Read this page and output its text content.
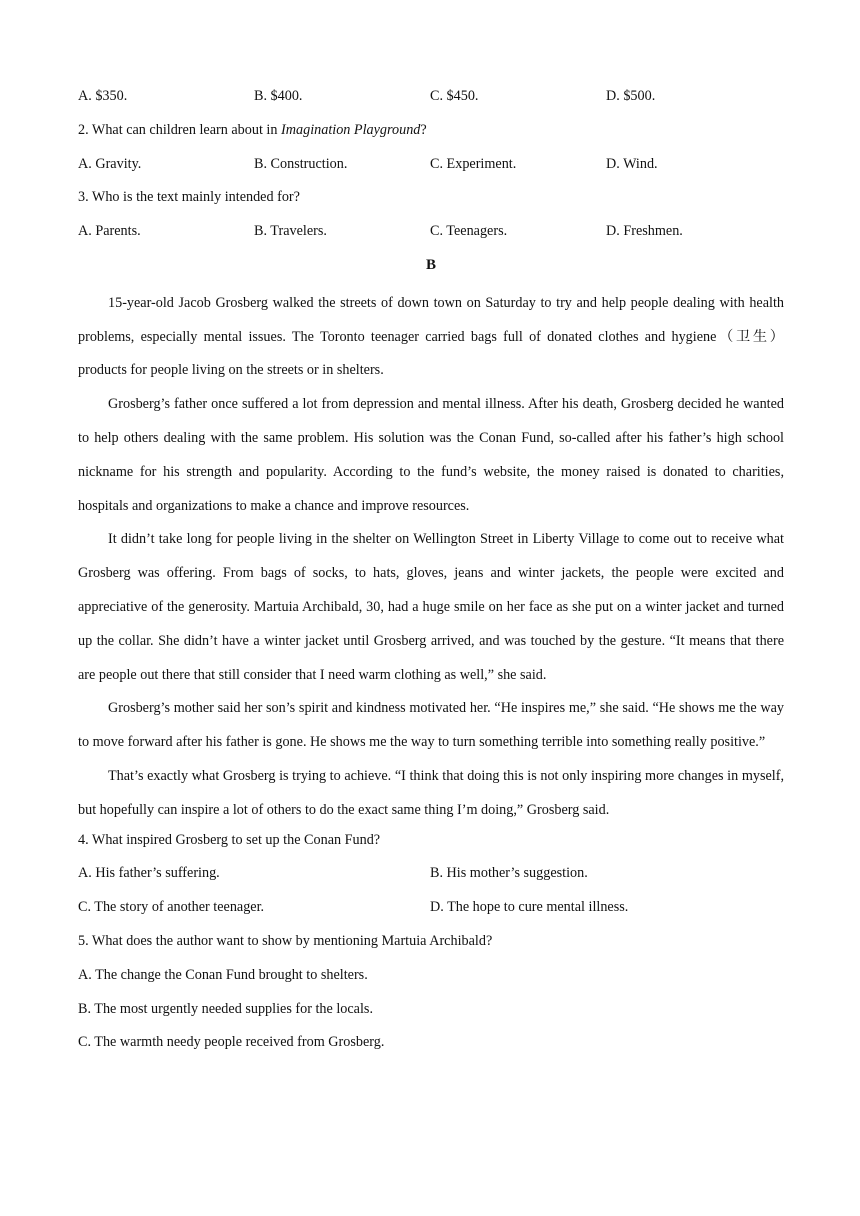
A. $350.	B. $400.	C. $450.	D. $500.
2. What can children learn about in Imagination Playground?
A. Gravity.	B. Construction.	C. Experiment.	D. Wind.
3. Who is the text mainly intended for?
A. Parents.	B. Travelers.	C. Teenagers.	D. Freshmen.
B

15-year-old Jacob Grosberg walked the streets of down town on Saturday to try and help people dealing with health problems, especially mental issues. The Toronto teenager carried bags full of donated clothes and hygiene（卫生）products for people living on the streets or in shelters.

Grosberg’s father once suffered a lot from depression and mental illness. After his death, Grosberg decided he wanted to help others dealing with the same problem. His solution was the Conan Fund, so-called after his father’s high school nickname for his strength and popularity. According to the fund’s website, the money raised is donated to charities, hospitals and organizations to make a chance and improve resources.

It didn’t take long for people living in the shelter on Wellington Street in Liberty Village to come out to receive what Grosberg was offering. From bags of socks, to hats, gloves, jeans and winter jackets, the people were excited and appreciative of the generosity. Martuia Archibald, 30, had a huge smile on her face as she put on a winter jacket and turned up the collar. She didn’t have a winter jacket until Grosberg arrived, and was touched by the gesture. “It means that there are people out there that still consider that I need warm clothing as well,” she said.

Grosberg’s mother said her son’s spirit and kindness motivated her. “He inspires me,” she said. “He shows me the way to move forward after his father is gone. He shows me the way to turn something terrible into something really positive.”

That’s exactly what Grosberg is trying to achieve. “I think that doing this is not only inspiring more changes in myself, but hopefully can inspire a lot of others to do the exact same thing I’m doing,” Grosberg said.

4. What inspired Grosberg to set up the Conan Fund?
A. His father’s suffering.	B. His mother’s suggestion.
C. The story of another teenager.	D. The hope to cure mental illness.
5. What does the author want to show by mentioning Martuia Archibald?
A. The change the Conan Fund brought to shelters.
B. The most urgently needed supplies for the locals.
C. The warmth needy people received from Grosberg.
